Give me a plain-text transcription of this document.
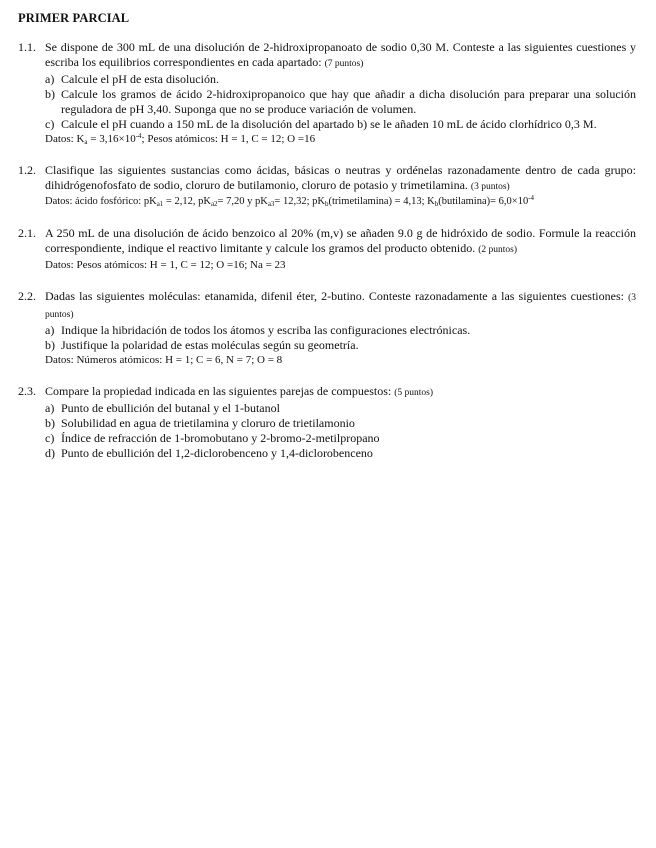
PRIMER PARCIAL
1.1. Se dispone de 300 mL de una disolución de 2-hidroxipropanoato de sodio 0,30 M. Conteste a las siguientes cuestiones y escriba los equilibrios correspondientes en cada apartado: (7 puntos)
a) Calcule el pH de esta disolución.
b) Calcule los gramos de ácido 2-hidroxipropanoico que hay que añadir a dicha disolución para preparar una solución reguladora de pH 3,40. Suponga que no se produce variación de volumen.
c) Calcule el pH cuando a 150 mL de la disolución del apartado b) se le añaden 10 mL de ácido clorhídrico 0,3 M.
Datos: $K_a = 3,16\times 10^{-4}$; Pesos atómicos: H = 1, C = 12; O =16
1.2. Clasifique las siguientes sustancias como ácidas, básicas o neutras y ordénelas razonadamente dentro de cada grupo: dihidrógenofosfato de sodio, cloruro de butilamonio, cloruro de potasio y trimetilamina. (3 puntos)
Datos: ácido fosfórico: $pK_{a1} = 2,12$, $pK_{a2}= 7,20$ y $pK_{a3}= 12,32$; $pK_b(trimetilamina) = 4,13$; $K_b(butilamina)= 6,0\times 10^{-4}$
2.1. A 250 mL de una disolución de ácido benzoico al 20% (m,v) se añaden 9.0 g de hidróxido de sodio. Formule la reacción correspondiente, indique el reactivo limitante y calcule los gramos del producto obtenido. (2 puntos)
Datos: Pesos atómicos: H = 1, C = 12; O =16; Na = 23
2.2. Dadas las siguientes moléculas: etanamida, difenil éter, 2-butino. Conteste razonadamente a las siguientes cuestiones: (3 puntos)
a) Indique la hibridación de todos los átomos y escriba las configuraciones electrónicas.
b) Justifique la polaridad de estas moléculas según su geometría.
Datos: Números atómicos: H = 1; C = 6, N = 7; O = 8
2.3. Compare la propiedad indicada en las siguientes parejas de compuestos: (5 puntos)
a) Punto de ebullición del butanal y el 1-butanol
b) Solubilidad en agua de trietilamina y cloruro de trietilamonio
c) Índice de refracción de 1-bromobutano y 2-bromo-2-metilpropano
d) Punto de ebullición del 1,2-diclorobenceno y 1,4-diclorobenceno
